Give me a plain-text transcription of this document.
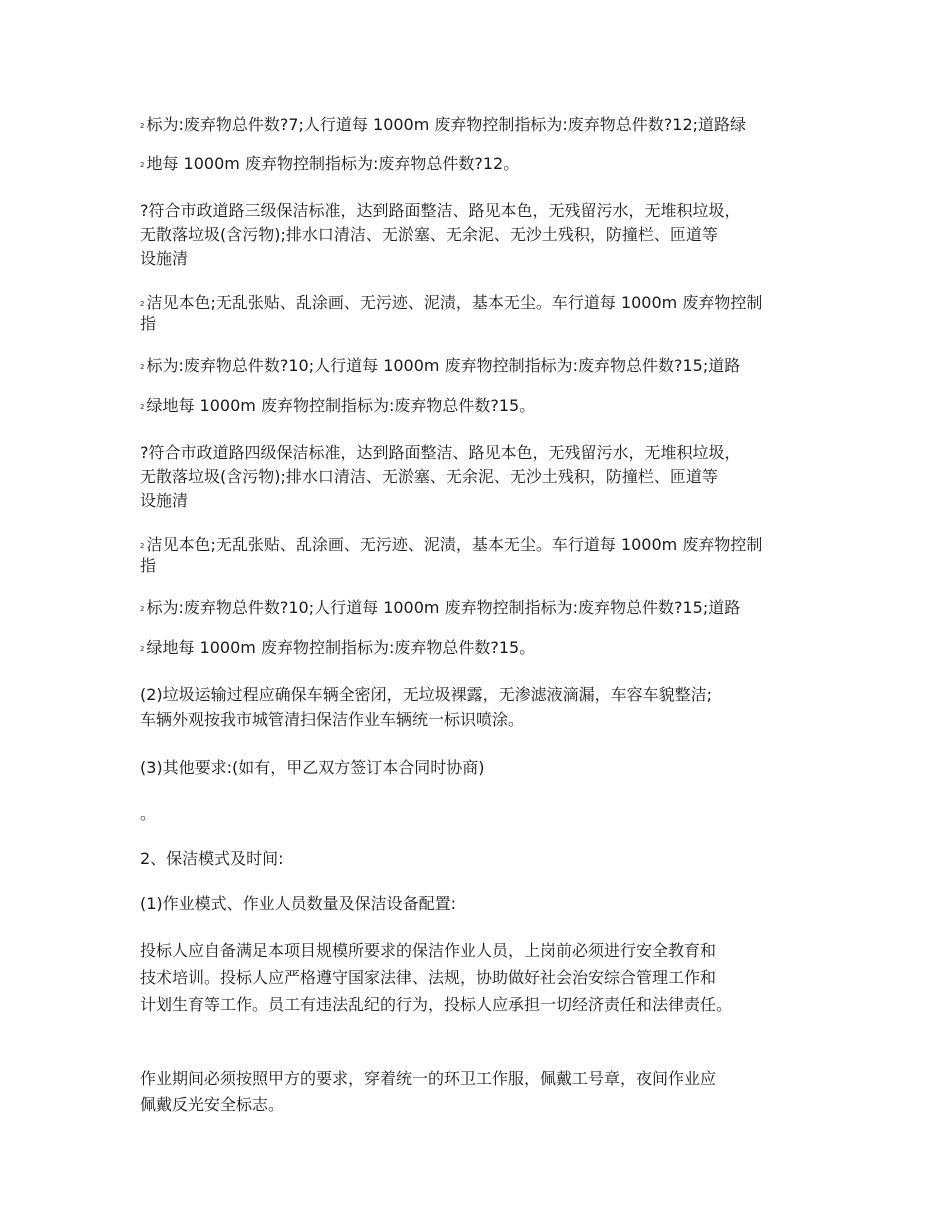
2 标为:废弃物总件数?7;人行道每 1000m 废弃物控制指标为:废弃物总件数?12;道路绿

2 地每 1000m 废弃物控制指标为:废弃物总件数?12。

?符合市政道路三级保洁标准，达到路面整洁、路见本色，无残留污水，无堆积垃圾，
无散落垃圾(含污物);排水口清洁、无淤塞、无余泥、无沙土残积，防撞栏、匝道等
设施清

2 洁见本色;无乱张贴、乱涂画、无污迹、泥渍，基本无尘。车行道每 1000m 废弃物控制
指

2 标为:废弃物总件数?10;人行道每 1000m 废弃物控制指标为:废弃物总件数?15;道路

2 绿地每 1000m 废弃物控制指标为:废弃物总件数?15。

?符合市政道路四级保洁标准，达到路面整洁、路见本色，无残留污水，无堆积垃圾，
无散落垃圾(含污物);排水口清洁、无淤塞、无余泥、无沙土残积，防撞栏、匝道等
设施清

2 洁见本色;无乱张贴、乱涂画、无污迹、泥渍，基本无尘。车行道每 1000m 废弃物控制
指

2 标为:废弃物总件数?10;人行道每 1000m 废弃物控制指标为:废弃物总件数?15;道路

2 绿地每 1000m 废弃物控制指标为:废弃物总件数?15。

(2)垃圾运输过程应确保车辆全密闭，无垃圾裸露，无渗滤液滴漏，车容车貌整洁;
车辆外观按我市城管清扫保洁作业车辆统一标识喷涂。

(3)其他要求:(如有，甲乙双方签订本合同时协商)

。

2、保洁模式及时间:

(1)作业模式、作业人员数量及保洁设备配置:

投标人应自备满足本项目规模所要求的保洁作业人员，上岗前必须进行安全教育和
技术培训。投标人应严格遵守国家法律、法规，协助做好社会治安综合管理工作和
计划生育等工作。员工有违法乱纪的行为，投标人应承担一切经济责任和法律责任。

作业期间必须按照甲方的要求，穿着统一的环卫工作服，佩戴工号章，夜间作业应
佩戴反光安全标志。
